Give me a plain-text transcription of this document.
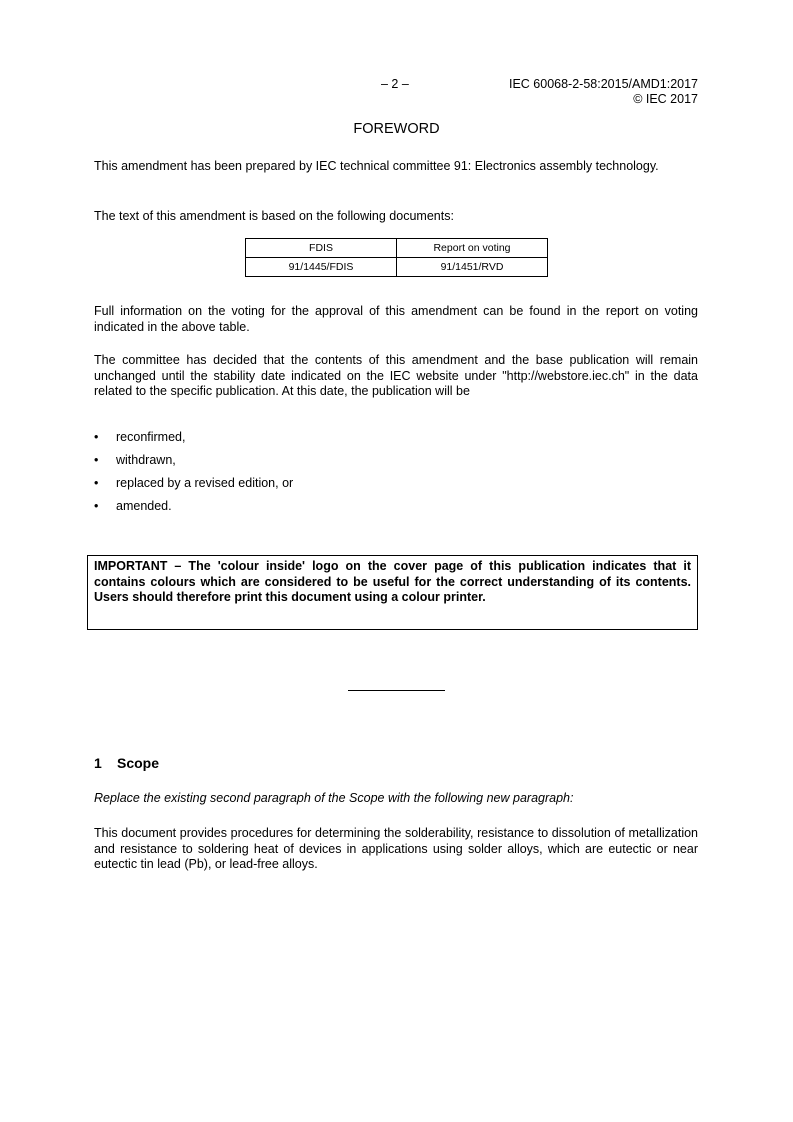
– 2 –	IEC 60068-2-58:2015/AMD1:2017
© IEC 2017
FOREWORD

This amendment has been prepared by IEC technical committee 91: Electronics assembly technology.

The text of this amendment is based on the following documents:

FDIS	Report on voting
91/1445/FDIS	91/1451/RVD

Full information on the voting for the approval of this amendment can be found in the report on voting indicated in the above table.

The committee has decided that the contents of this amendment and the base publication will remain unchanged until the stability date indicated on the IEC website under "http://webstore.iec.ch" in the data related to the specific publication. At this date, the publication will be

• reconfirmed,
• withdrawn,
• replaced by a revised edition, or
• amended.
IMPORTANT – The 'colour inside' logo on the cover page of this publication indicates that it contains colours which are considered to be useful for the correct understanding of its contents. Users should therefore print this document using a colour printer.
1 Scope
Replace the existing second paragraph of the Scope with the following new paragraph:

This document provides procedures for determining the solderability, resistance to dissolution of metallization and resistance to soldering heat of devices in applications using solder alloys, which are eutectic or near eutectic tin lead (Pb), or lead-free alloys.
